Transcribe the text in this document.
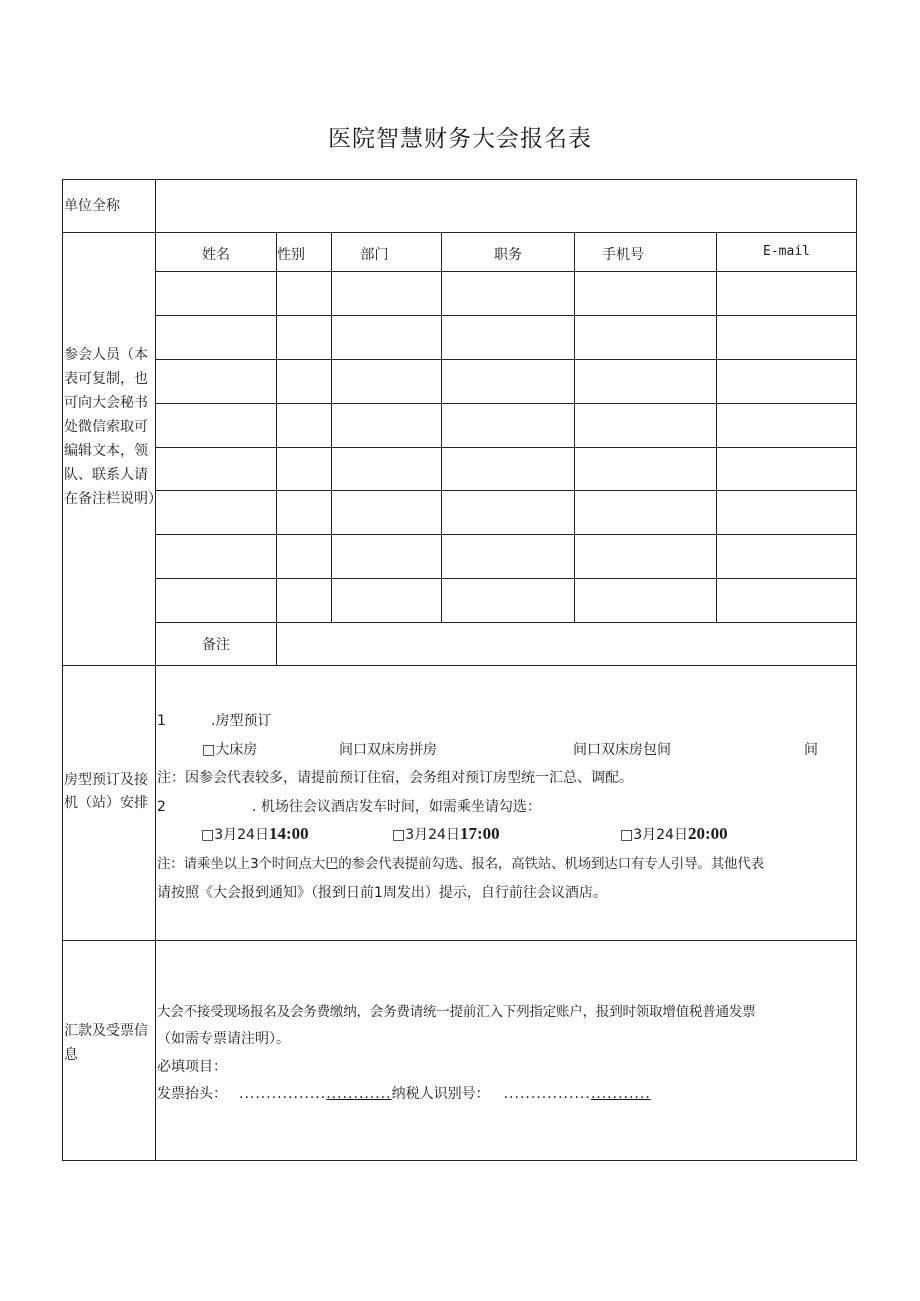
医院智慧财务大会报名表
单位全称
参会人员（本表可复制，也可向大会秘书处微信索取可编辑文本，领队、联系人请在备注栏说明）
姓名	性别	部门	职务	手机号	E-mail
备注
房型预订及接机（站）安排
1	.房型预订
□大床房	间口双床房拼房	间口双床房包间	间
注：因参会代表较多，请提前预订住宿，会务组对预订房型统一汇总、调配。
2	. 机场往会议酒店发车时间，如需乘坐请勾选：
□3月24日14:00	□3月24日17:00	□3月24日20:00
注：请乘坐以上3个时间点大巴的参会代表提前勾选、报名，高铁站、机场到达口有专人引导。其他代表
请按照《大会报到通知》（报到日前1周发出）提示，自行前往会议酒店。
汇款及受票信息
大会不接受现场报名及会务费缴纳，会务费请统一提前汇入下列指定账户，报到时领取增值税普通发票
（如需专票请注明）。
必填项目：
发票抬头： ............................纳税人识别号： ...........................
